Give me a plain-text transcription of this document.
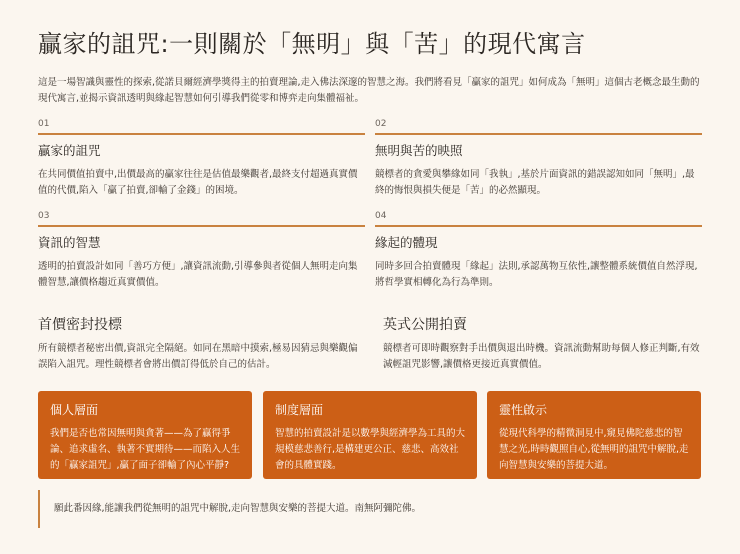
贏家的詛咒:一則關於「無明」與「苦」的現代寓言

這是一場智識與靈性的探索,從諾貝爾經濟學獎得主的拍賣理論,走入佛法深邃的智慧之海。我們將看見「贏家的詛咒」如何成為「無明」這個古老概念最生動的現代寓言,並揭示資訊透明與緣起智慧如何引導我們從零和博弈走向集體福祉。

01
贏家的詛咒
在共同價值拍賣中,出價最高的贏家往往是估值最樂觀者,最終支付超過真實價值的代價,陷入「贏了拍賣,卻輸了金錢」的困境。
02
無明與苦的映照
競標者的貪愛與攀緣如同「我執」,基於片面資訊的錯誤認知如同「無明」,最終的悔恨與損失便是「苦」的必然顯現。
03
資訊的智慧
透明的拍賣設計如同「善巧方便」,讓資訊流動,引導參與者從個人無明走向集體智慧,讓價格趨近真實價值。
04
緣起的體現
同時多回合拍賣體現「緣起」法則,承認萬物互依性,讓整體系統價值自然浮現,將哲學實相轉化為行為準則。
首價密封投標

所有競標者秘密出價,資訊完全隔絕。如同在黑暗中摸索,極易因猜忌與樂觀偏誤陷入詛咒。理性競標者會將出價訂得低於自己的估計。

英式公開拍賣

競標者可即時觀察對手出價與退出時機。資訊流動幫助每個人修正判斷,有效減輕詛咒影響,讓價格更接近真實價值。

個人層面
我們是否也常因無明與貪著——為了贏得爭論、追求虛名、執著不實期待——而陷入人生的「贏家詛咒」,贏了面子卻輸了內心平靜?
制度層面
智慧的拍賣設計是以數學與經濟學為工具的大規模慈悲善行,是構建更公正、慈悲、高效社會的具體實踐。
靈性啟示
從現代科學的精微洞見中,窺見佛陀慈悲的智慧之光,時時觀照自心,從無明的詛咒中解脫,走向智慧與安樂的菩提大道。
願此番因緣,能讓我們從無明的詛咒中解脫,走向智慧與安樂的菩提大道。南無阿彌陀佛。
